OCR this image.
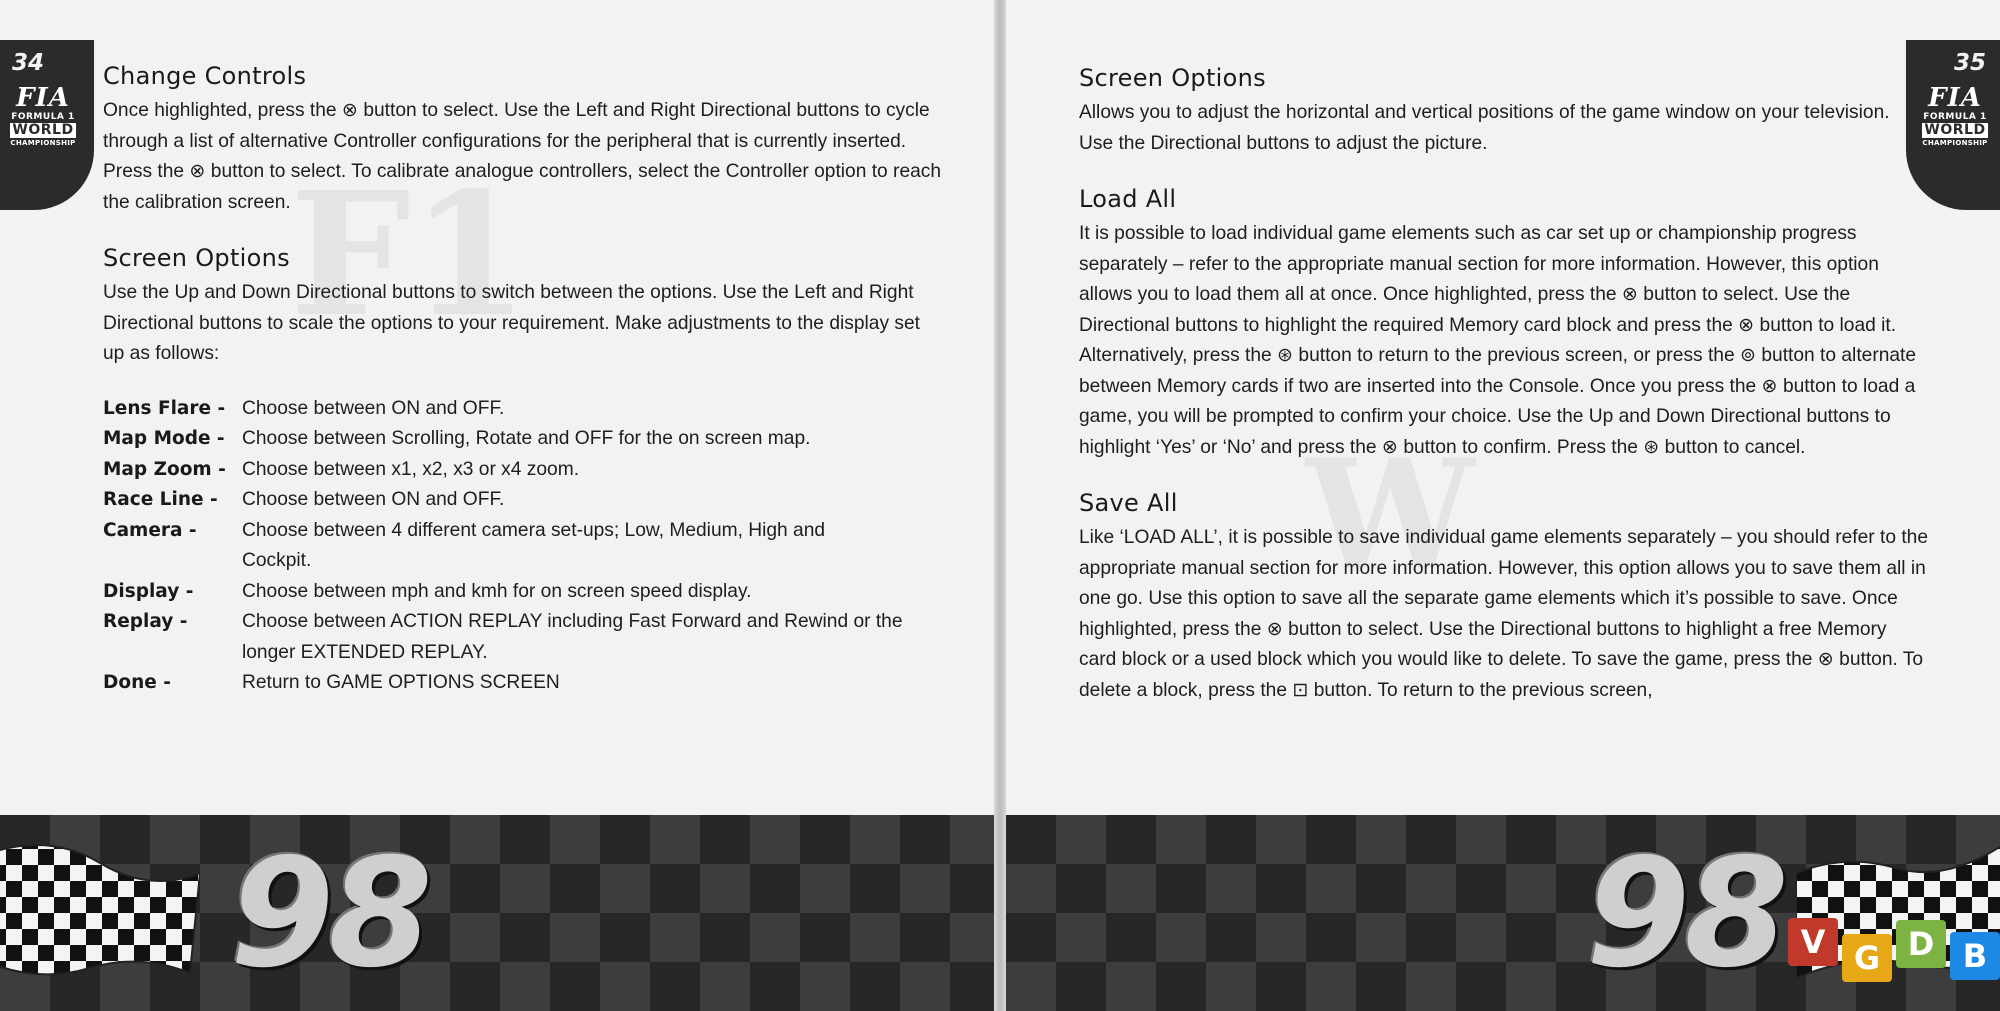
F1
34
FIA
FORMULA 1
WORLD
CHAMPIONSHIP
Change Controls

Once highlighted, press the ⊗ button to select. Use the Left and Right Directional buttons to cycle through a list of alternative Controller configurations for the peripheral that is currently inserted. Press the ⊗ button to select. To calibrate analogue controllers, select the Controller option to reach the calibration screen.

Screen Options

Use the Up and Down Directional buttons to switch between the options. Use the Left and Right Directional buttons to scale the options to your requirement. Make adjustments to the display set up as follows:

Lens Flare - Choose between ON and OFF.
Map Mode - Choose between Scrolling, Rotate and OFF for the on screen map.
Map Zoom - Choose between x1, x2, x3 or x4 zoom.
Race Line -	Choose between ON and OFF.
Camera -	Choose between 4 different camera set-ups; Low, Medium, High and Cockpit.
Display -	Choose between mph and kmh for on screen speed display.
Replay -	Choose between ACTION REPLAY including Fast Forward and Rewind or the longer EXTENDED REPLAY.
Done -	Return to GAME OPTIONS SCREEN
98
W
35
FIA
FORMULA 1
WORLD
CHAMPIONSHIP
Screen Options

Allows you to adjust the horizontal and vertical positions of the game window on your television. Use the Directional buttons to adjust the picture.

Load All

It is possible to load individual game elements such as car set up or championship progress separately – refer to the appropriate manual section for more information. However, this option allows you to load them all at once. Once highlighted, press the ⊗ button to select. Use the Directional buttons to highlight the required Memory card block and press the ⊗ button to load it. Alternatively, press the ⊛ button to return to the previous screen, or press the ⊚ button to alternate between Memory cards if two are inserted into the Console. Once you press the ⊗ button to load a game, you will be prompted to confirm your choice. Use the Up and Down Directional buttons to highlight ‘Yes’ or ‘No’ and press the ⊗ button to confirm. Press the ⊛ button to cancel.

Save All

Like ‘LOAD ALL’, it is possible to save individual game elements separately – you should refer to the appropriate manual section for more information. However, this option allows you to save them all in one go. Use this option to save all the separate game elements which it’s possible to save. Once highlighted, press the ⊗ button to select. Use the Directional buttons to highlight a free Memory card block or a used block which you would like to delete. To save the game, press the ⊗ button. To delete a block, press the ⊡ button. To return to the previous screen,

98 V G D B
